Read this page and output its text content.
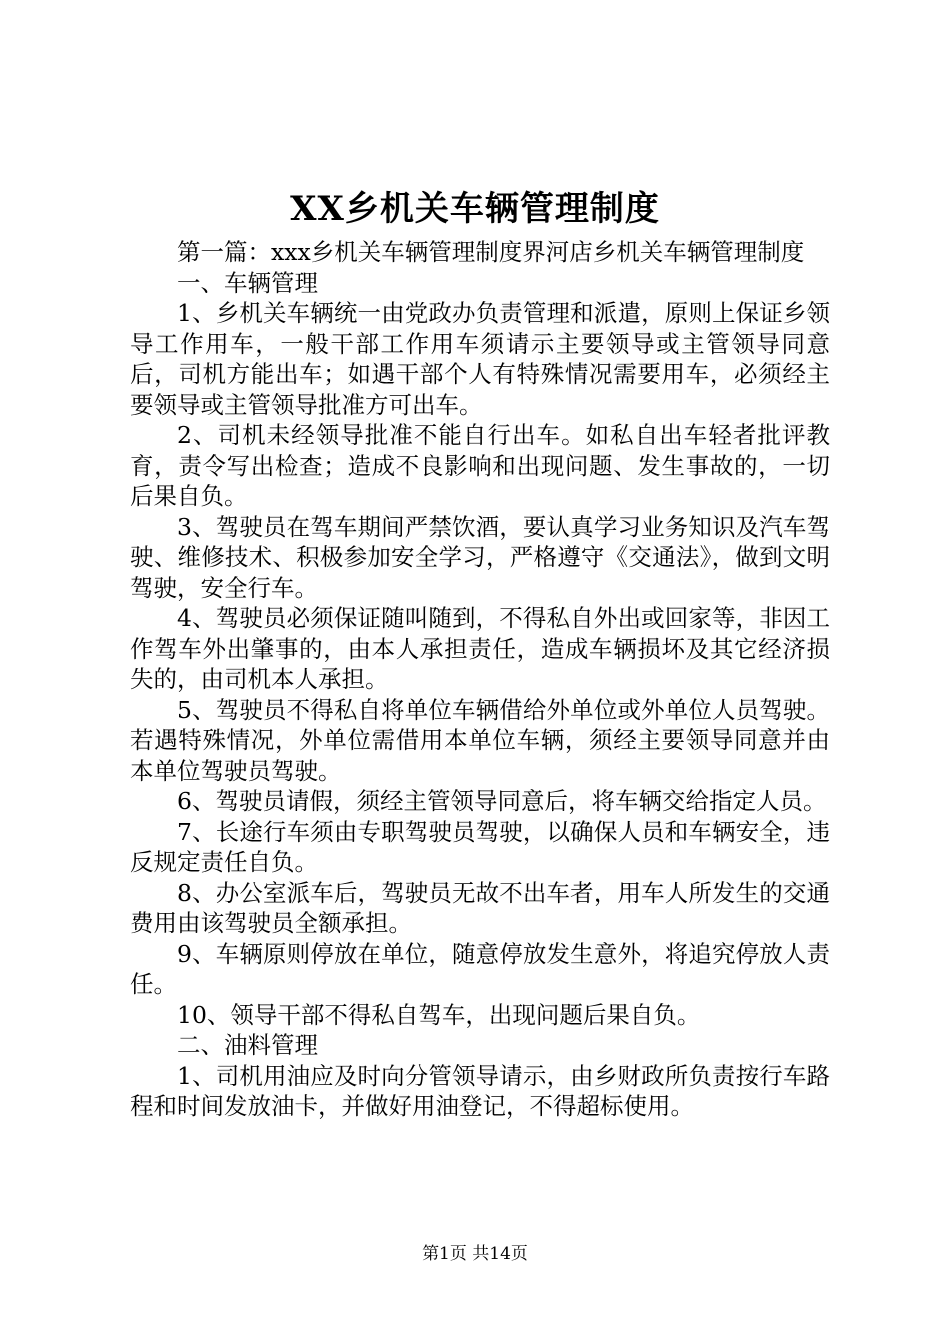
XX乡机关车辆管理制度

第一篇：xxx乡机关车辆管理制度界河店乡机关车辆管理制度

一、车辆管理

1、乡机关车辆统一由党政办负责管理和派遣，原则上保证乡领导工作用车，一般干部工作用车须请示主要领导或主管领导同意后，司机方能出车；如遇干部个人有特殊情况需要用车，必须经主要领导或主管领导批准方可出车。

2、司机未经领导批准不能自行出车。如私自出车轻者批评教育，责令写出检查；造成不良影响和出现问题、发生事故的，一切后果自负。

3、驾驶员在驾车期间严禁饮酒，要认真学习业务知识及汽车驾驶、维修技术、积极参加安全学习，严格遵守《交通法》，做到文明驾驶，安全行车。

4、驾驶员必须保证随叫随到，不得私自外出或回家等，非因工作驾车外出肇事的，由本人承担责任，造成车辆损坏及其它经济损失的，由司机本人承担。

5、驾驶员不得私自将单位车辆借给外单位或外单位人员驾驶。若遇特殊情况，外单位需借用本单位车辆，须经主要领导同意并由本单位驾驶员驾驶。

6、驾驶员请假，须经主管领导同意后，将车辆交给指定人员。

7、长途行车须由专职驾驶员驾驶，以确保人员和车辆安全，违反规定责任自负。

8、办公室派车后，驾驶员无故不出车者，用车人所发生的交通费用由该驾驶员全额承担。

9、车辆原则停放在单位，随意停放发生意外，将追究停放人责任。

10、领导干部不得私自驾车，出现问题后果自负。

二、油料管理

1、司机用油应及时向分管领导请示，由乡财政所负责按行车路程和时间发放油卡，并做好用油登记，不得超标使用。

第1页 共14页
